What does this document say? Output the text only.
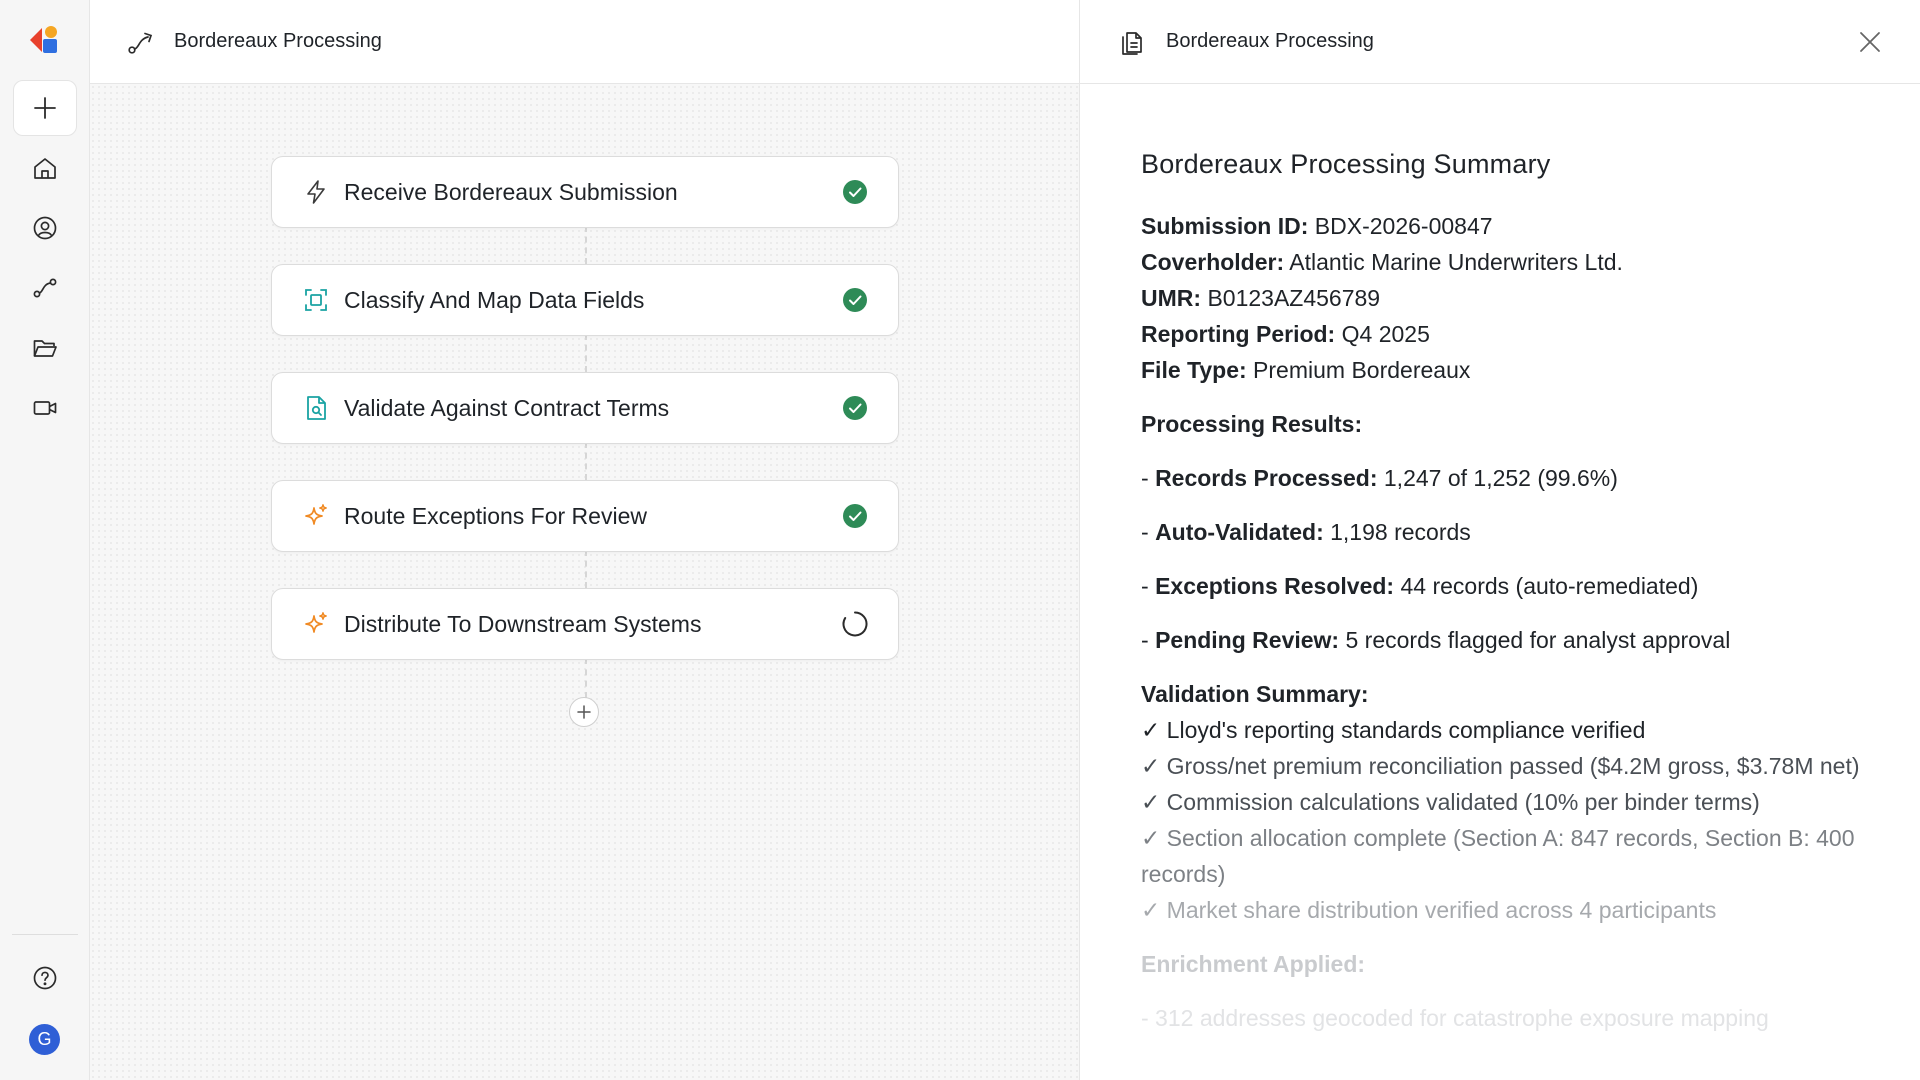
G
Bordereaux Processing
Receive Bordereaux Submission
Classify And Map Data Fields
Validate Against Contract Terms
Route Exceptions For Review
Distribute To Downstream Systems
Bordereaux Processing
Bordereaux Processing Summary
Submission ID: BDX-2026-00847
Coverholder: Atlantic Marine Underwriters Ltd.
UMR: B0123AZ456789
Reporting Period: Q4 2025
File Type: Premium Bordereaux
Processing Results:
- Records Processed: 1,247 of 1,252 (99.6%)
- Auto-Validated: 1,198 records
- Exceptions Resolved: 44 records (auto-remediated)
- Pending Review: 5 records flagged for analyst approval
Validation Summary:
✓ Lloyd's reporting standards compliance verified
✓ Gross/net premium reconciliation passed ($4.2M gross, $3.78M net)
✓ Commission calculations validated (10% per binder terms)
✓ Section allocation complete (Section A: 847 records, Section B: 400 records)
✓ Market share distribution verified across 4 participants
Enrichment Applied:
- 312 addresses geocoded for catastrophe exposure mapping
